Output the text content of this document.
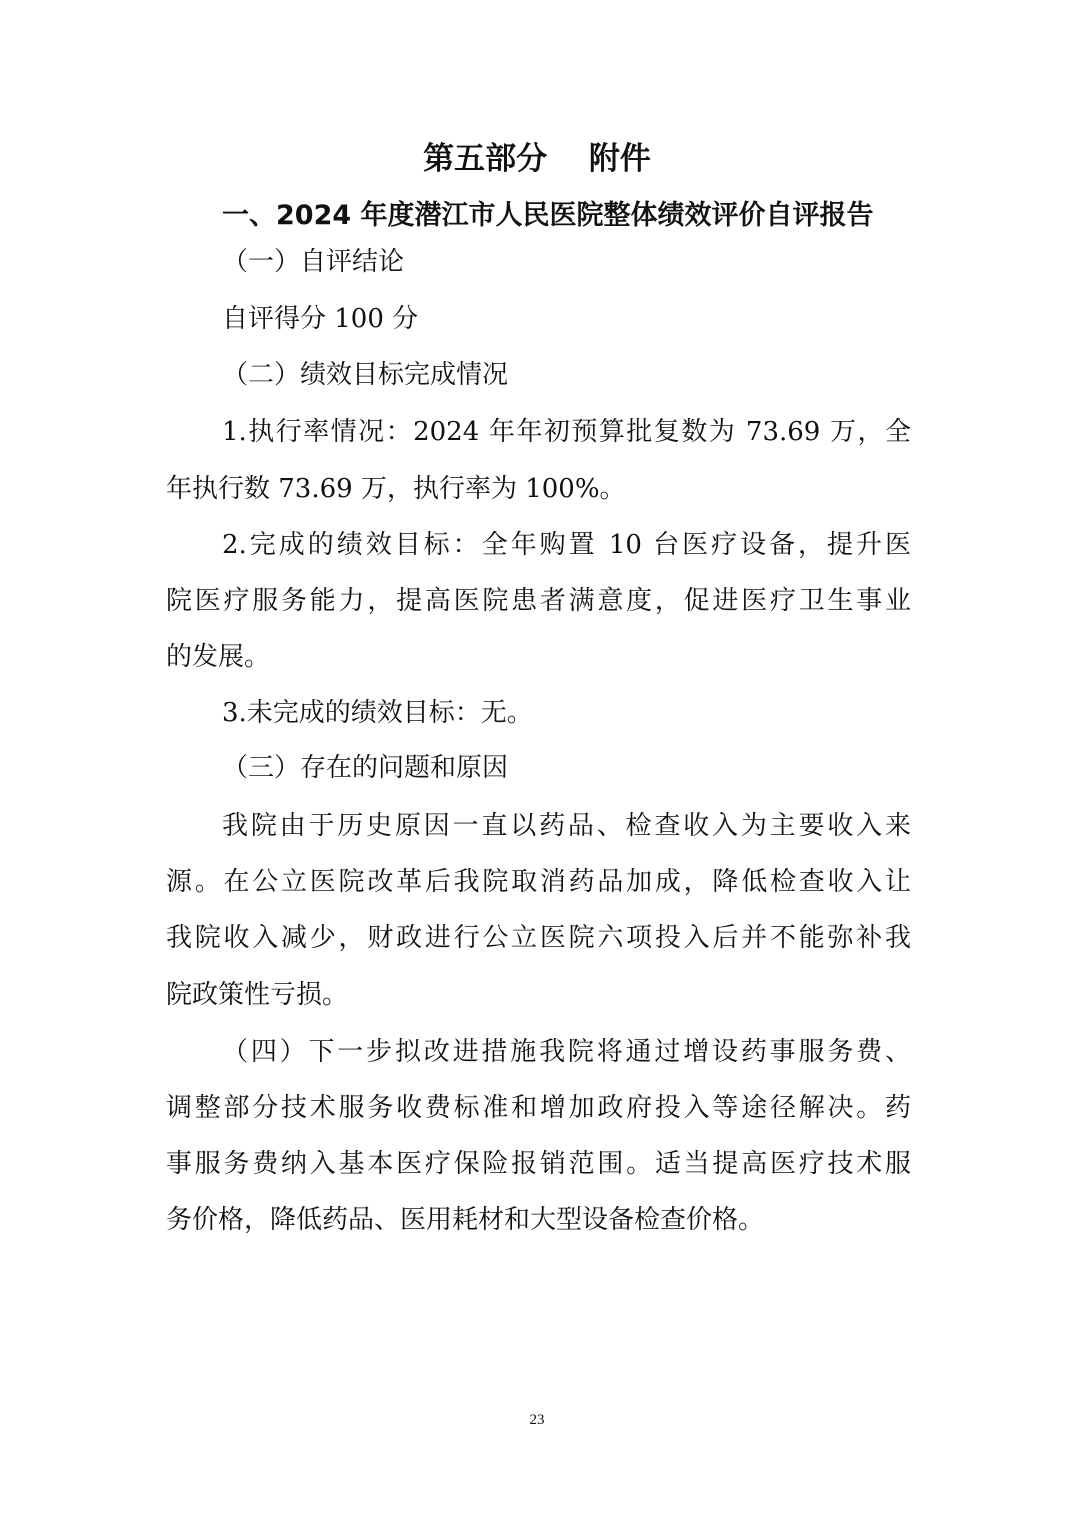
第五部分　 附件
一、2024 年度潜江市人民医院整体绩效评价自评报告
（一）自评结论
自评得分 100 分
（二）绩效目标完成情况
1.执行率情况：2024 年年初预算批复数为 73.69 万，全
年执行数 73.69 万，执行率为 100%。
2.完成的绩效目标：全年购置 10 台医疗设备，提升医
院医疗服务能力，提高医院患者满意度，促进医疗卫生事业
的发展。
3.未完成的绩效目标：无。
（三）存在的问题和原因
我院由于历史原因一直以药品、检查收入为主要收入来
源。在公立医院改革后我院取消药品加成，降低检查收入让
我院收入减少，财政进行公立医院六项投入后并不能弥补我
院政策性亏损。
（四）下一步拟改进措施我院将通过增设药事服务费、
调整部分技术服务收费标准和增加政府投入等途径解决。药
事服务费纳入基本医疗保险报销范围。适当提高医疗技术服
务价格，降低药品、医用耗材和大型设备检查价格。
23
